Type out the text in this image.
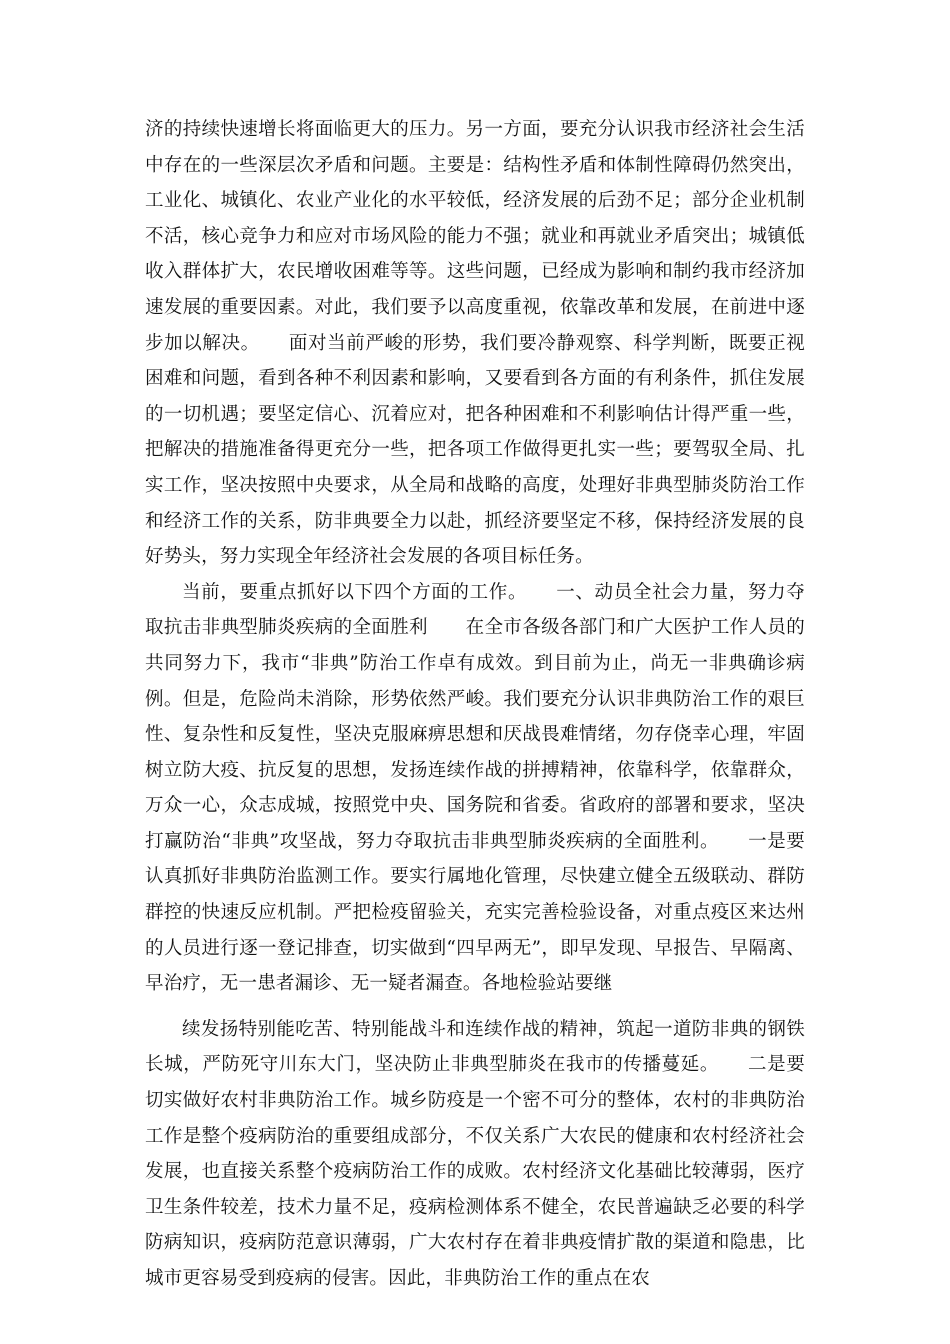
济的持续快速增长将面临更大的压力。另一方面，要充分认识我市经济社会生活中存在的一些深层次矛盾和问题。主要是：结构性矛盾和体制性障碍仍然突出，工业化、城镇化、农业产业化的水平较低，经济发展的后劲不足；部分企业机制不活，核心竞争力和应对市场风险的能力不强；就业和再就业矛盾突出；城镇低收入群体扩大，农民增收困难等等。这些问题，已经成为影响和制约我市经济加速发展的重要因素。对此，我们要予以高度重视，依靠改革和发展，在前进中逐步加以解决。　　面对当前严峻的形势，我们要冷静观察、科学判断，既要正视困难和问题，看到各种不利因素和影响，又要看到各方面的有利条件，抓住发展的一切机遇；要坚定信心、沉着应对，把各种困难和不利影响估计得严重一些，把解决的措施准备得更充分一些，把各项工作做得更扎实一些；要驾驭全局、扎实工作，坚决按照中央要求，从全局和战略的高度，处理好非典型肺炎防治工作和经济工作的关系，防非典要全力以赴，抓经济要坚定不移，保持经济发展的良好势头，努力实现全年经济社会发展的各项目标任务。

当前，要重点抓好以下四个方面的工作。　　一、动员全社会力量，努力夺取抗击非典型肺炎疾病的全面胜利　　在全市各级各部门和广大医护工作人员的共同努力下，我市“非典”防治工作卓有成效。到目前为止，尚无一非典确诊病例。但是，危险尚未消除，形势依然严峻。我们要充分认识非典防治工作的艰巨性、复杂性和反复性，坚决克服麻痹思想和厌战畏难情绪，勿存侥幸心理，牢固树立防大疫、抗反复的思想，发扬连续作战的拼搏精神，依靠科学，依靠群众，万众一心，众志成城，按照党中央、国务院和省委。省政府的部署和要求，坚决打赢防治“非典”攻坚战，努力夺取抗击非典型肺炎疾病的全面胜利。　　一是要认真抓好非典防治监测工作。要实行属地化管理，尽快建立健全五级联动、群防群控的快速反应机制。严把检疫留验关，充实完善检验设备，对重点疫区来达州的人员进行逐一登记排查，切实做到“四早两无”，即早发现、早报告、早隔离、早治疗，无一患者漏诊、无一疑者漏查。各地检验站要继

续发扬特别能吃苦、特别能战斗和连续作战的精神，筑起一道防非典的钢铁长城，严防死守川东大门，坚决防止非典型肺炎在我市的传播蔓延。　　二是要切实做好农村非典防治工作。城乡防疫是一个密不可分的整体，农村的非典防治工作是整个疫病防治的重要组成部分，不仅关系广大农民的健康和农村经济社会发展，也直接关系整个疫病防治工作的成败。农村经济文化基础比较薄弱，医疗卫生条件较差，技术力量不足，疫病检测体系不健全，农民普遍缺乏必要的科学防病知识，疫病防范意识薄弱，广大农村存在着非典疫情扩散的渠道和隐患，比城市更容易受到疫病的侵害。因此，非典防治工作的重点在农
